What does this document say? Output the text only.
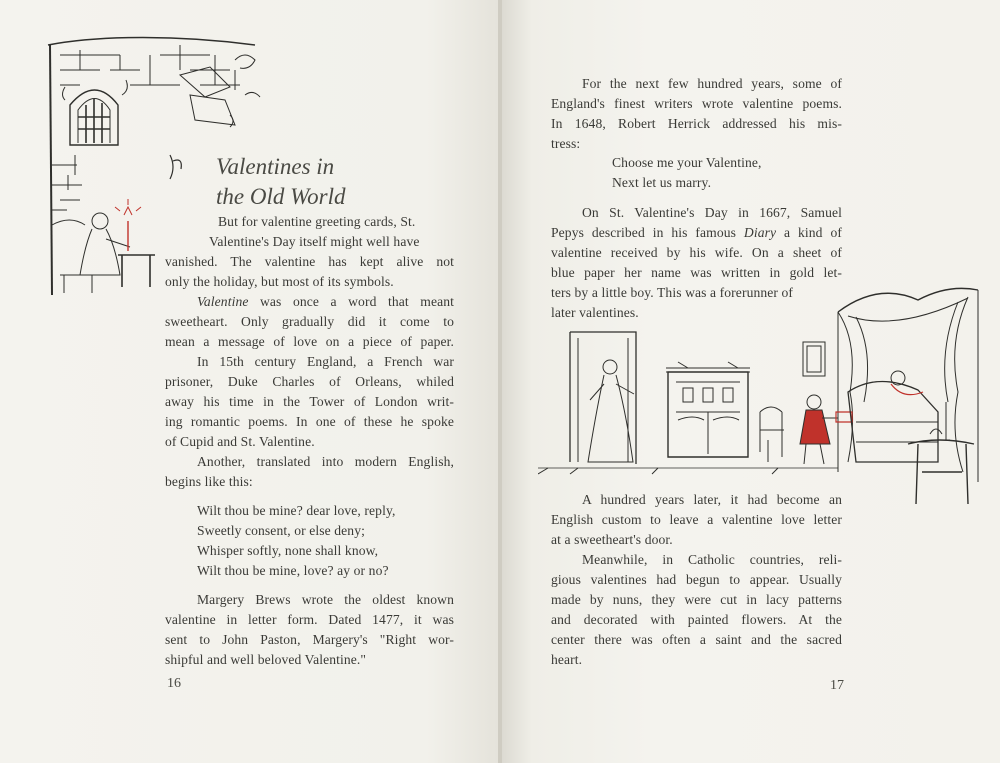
Valentines in
the Old World
But for valentine greeting cards, St.
Valentine's Day itself might well have
vanished. The valentine has kept alive not
only the holiday, but most of its symbols.
Valentine was once a word that meant
sweetheart. Only gradually did it come to
mean a message of love on a piece of paper.
In 15th century England, a French war
prisoner, Duke Charles of Orleans, whiled
away his time in the Tower of London writ-
ing romantic poems. In one of these he spoke
of Cupid and St. Valentine.
Another, translated into modern English,
begins like this:
Wilt thou be mine? dear love, reply,
Sweetly consent, or else deny;
Whisper softly, none shall know,
Wilt thou be mine, love? ay or no?
Margery Brews wrote the oldest known
valentine in letter form. Dated 1477, it was
sent to John Paston, Margery's "Right wor-
shipful and well beloved Valentine."
16
For the next few hundred years, some of
England's finest writers wrote valentine poems.
In 1648, Robert Herrick addressed his mis-
tress:
Choose me your Valentine,
Next let us marry.
On St. Valentine's Day in 1667, Samuel
Pepys described in his famous Diary a kind of
valentine received by his wife. On a sheet of
blue paper her name was written in gold let-
ters by a little boy. This was a forerunner of
later valentines.
A hundred years later, it had become an
English custom to leave a valentine love letter
at a sweetheart's door.
Meanwhile, in Catholic countries, reli-
gious valentines had begun to appear. Usually
made by nuns, they were cut in lacy patterns
and decorated with painted flowers. At the
center there was often a saint and the sacred
heart.
17
